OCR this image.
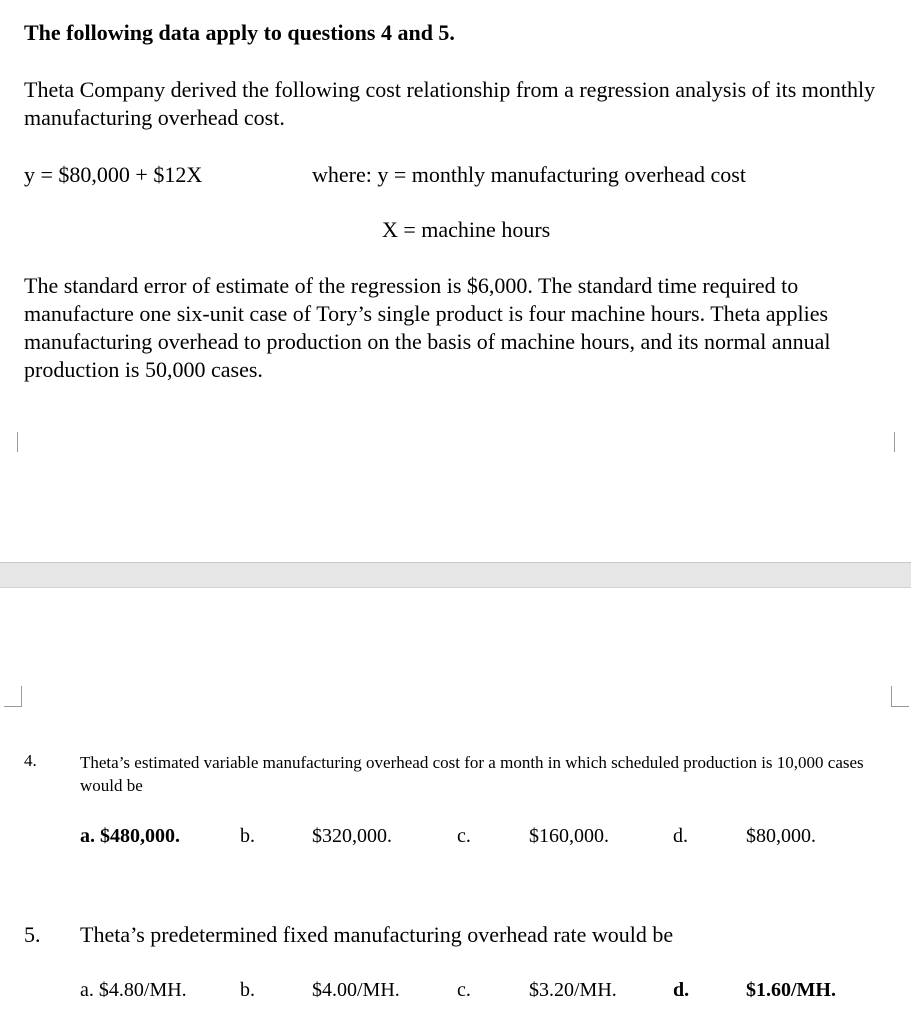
The following data apply to questions 4 and 5.
Theta Company derived the following cost relationship from a regression analysis of its monthly manufacturing overhead cost.
y = $80,000 + $12X	where: y = monthly manufacturing overhead cost
X = machine hours
The standard error of estimate of the regression is $6,000. The standard time required to manufacture one six-unit case of Tory’s single product is four machine hours. Theta applies manufacturing overhead to production on the basis of machine hours, and its normal annual production is 50,000 cases.
4.	Theta’s estimated variable manufacturing overhead cost for a month in which scheduled production is 10,000 cases would be
a. $480,000.	b.	$320,000.	c.	$160,000.	d.	$80,000.
5. Theta’s predetermined fixed manufacturing overhead rate would be
a. $4.80/MH.	b.	$4.00/MH.	c.	$3.20/MH.	d.	$1.60/MH.
